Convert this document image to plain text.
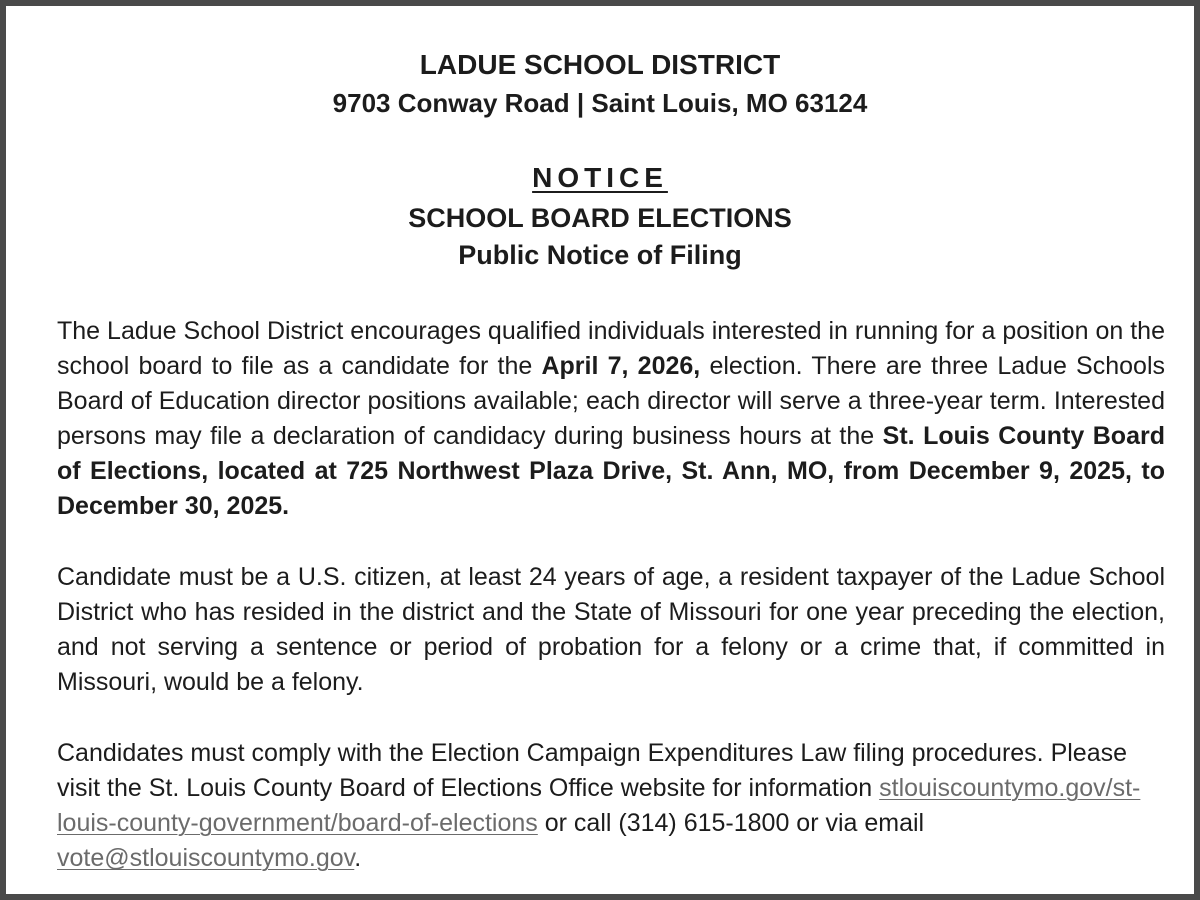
LADUE SCHOOL DISTRICT
9703 Conway Road | Saint Louis, MO 63124
NOTICE
SCHOOL BOARD ELECTIONS
Public Notice of Filing
The Ladue School District encourages qualified individuals interested in running for a position on the school board to file as a candidate for the April 7, 2026, election. There are three Ladue Schools Board of Education director positions available; each director will serve a three-year term. Interested persons may file a declaration of candidacy during business hours at the St. Louis County Board of Elections, located at 725 Northwest Plaza Drive, St. Ann, MO, from December 9, 2025, to December 30, 2025.
Candidate must be a U.S. citizen, at least 24 years of age, a resident taxpayer of the Ladue School District who has resided in the district and the State of Missouri for one year preceding the election, and not serving a sentence or period of probation for a felony or a crime that, if committed in Missouri, would be a felony.
Candidates must comply with the Election Campaign Expenditures Law filing procedures. Please visit the St. Louis County Board of Elections Office website for information stlouiscountymo.gov/st-louis-county-government/board-of-elections or call (314) 615-1800 or via email vote@stlouiscountymo.gov.
